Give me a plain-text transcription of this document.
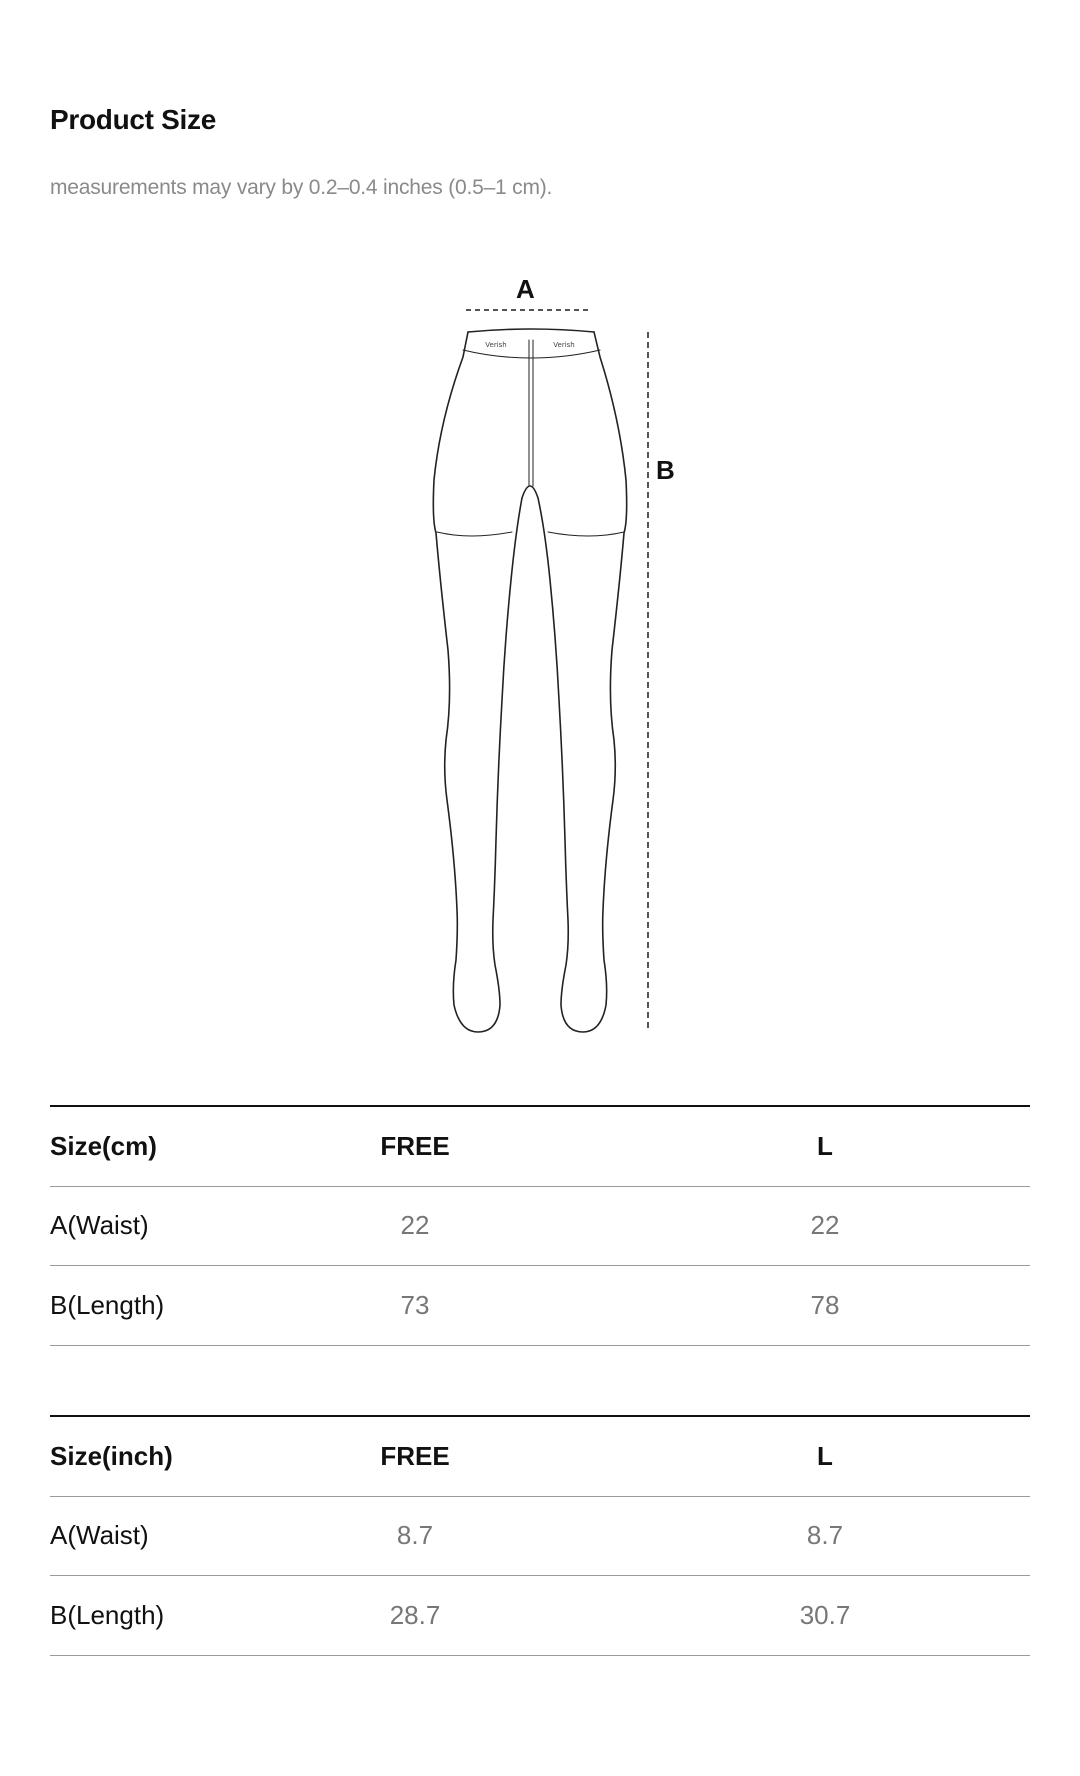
Product Size
measurements may vary by 0.2–0.4 inches (0.5–1 cm).
Verish	Verish
A
B
Size(cm)	FREE	L
A(Waist)	22	22
B(Length)	73	78
Size(inch)	FREE	L
A(Waist)	8.7	8.7
B(Length)	28.7	30.7
